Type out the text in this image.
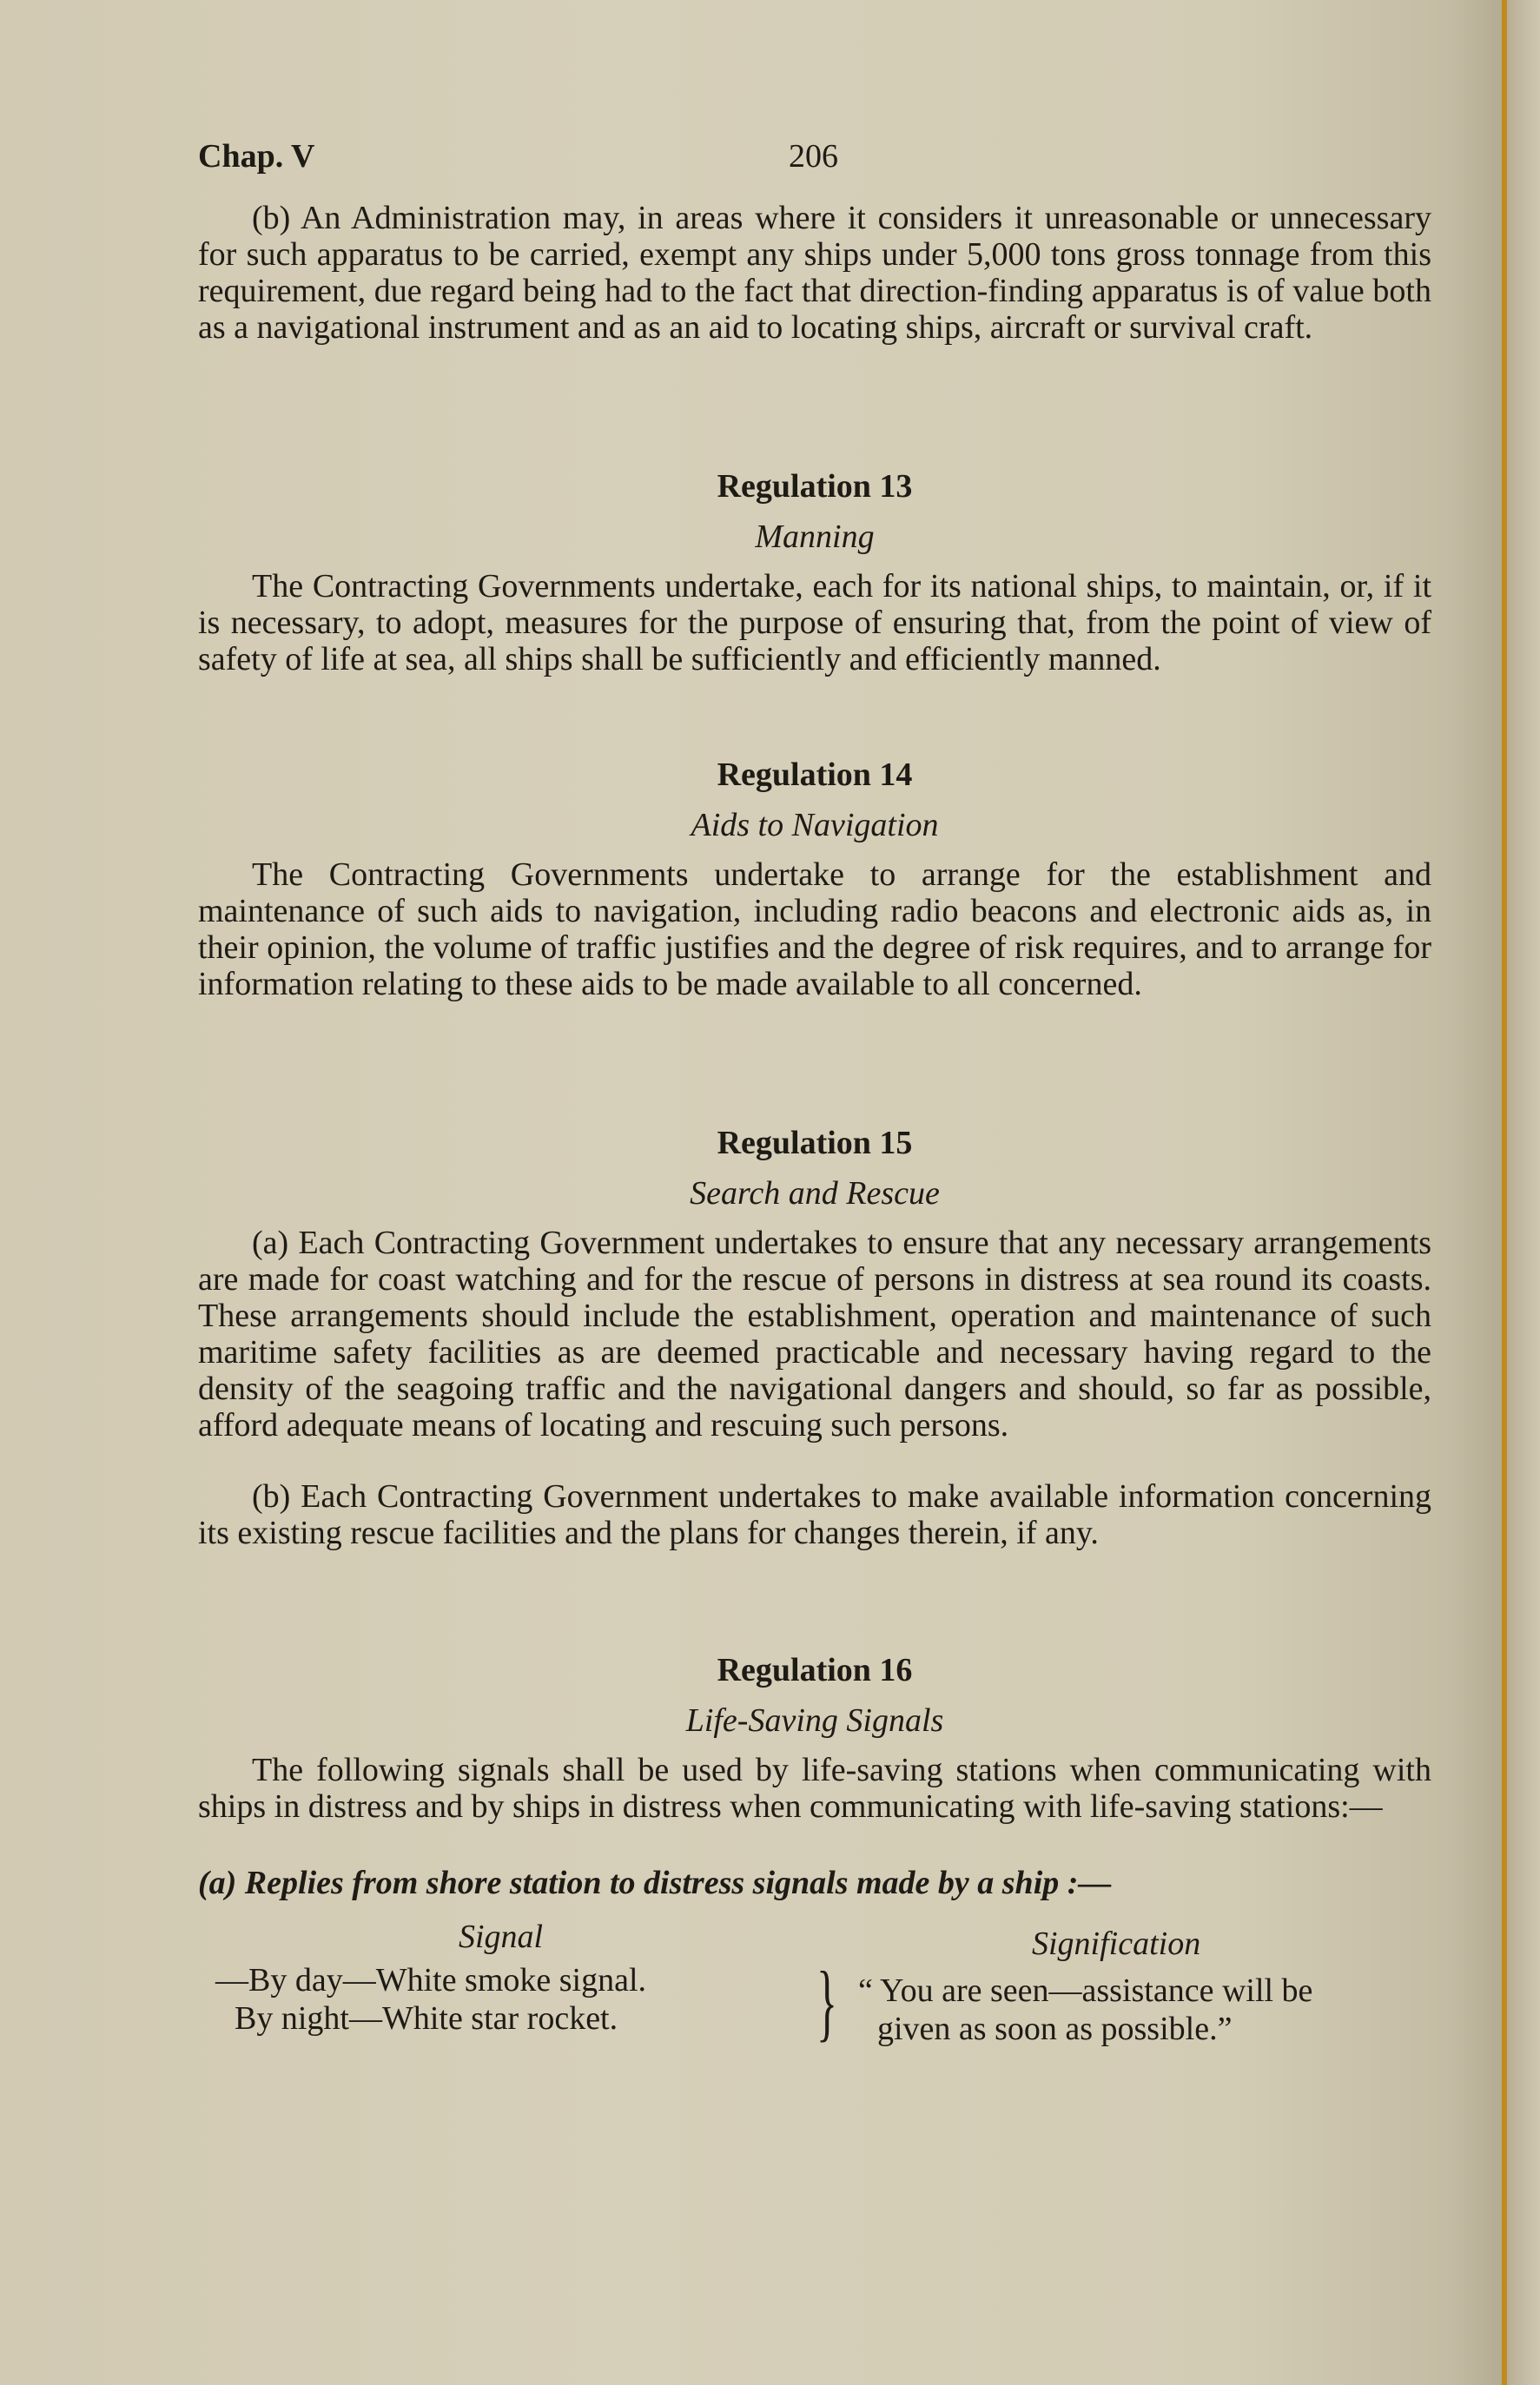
Chap. V	206

(b) An Administration may, in areas where it considers it unreasonable or unnecessary for such apparatus to be carried, exempt any ships under 5,000 tons gross tonnage from this requirement, due regard being had to the fact that direction-finding apparatus is of value both as a navigational instrument and as an aid to locating ships, aircraft or survival craft.

Regulation 13
Manning

The Contracting Governments undertake, each for its national ships, to maintain, or, if it is necessary, to adopt, measures for the purpose of ensuring that, from the point of view of safety of life at sea, all ships shall be sufficiently and efficiently manned.

Regulation 14
Aids to Navigation

The Contracting Governments undertake to arrange for the establishment and maintenance of such aids to navigation, including radio beacons and electronic aids as, in their opinion, the volume of traffic justifies and the degree of risk requires, and to arrange for information relating to these aids to be made available to all concerned.

Regulation 15
Search and Rescue

(a) Each Contracting Government undertakes to ensure that any necessary arrangements are made for coast watching and for the rescue of persons in distress at sea round its coasts. These arrangements should include the establishment, operation and maintenance of such maritime safety facilities as are deemed practicable and necessary having regard to the density of the seagoing traffic and the navigational dangers and should, so far as possible, afford adequate means of locating and rescuing such persons.

(b) Each Contracting Government undertakes to make available information concerning its existing rescue facilities and the plans for changes therein, if any.

Regulation 16
Life-Saving Signals

The following signals shall be used by life-saving stations when communicating with ships in distress and by ships in distress when communicating with life-saving stations:—

(a) Replies from shore station to distress signals made by a ship :—
Signal	Signification
—By day—White smoke signal.
By night—White star rocket.	} “ You are seen—assistance will be
given as soon as possible.”
